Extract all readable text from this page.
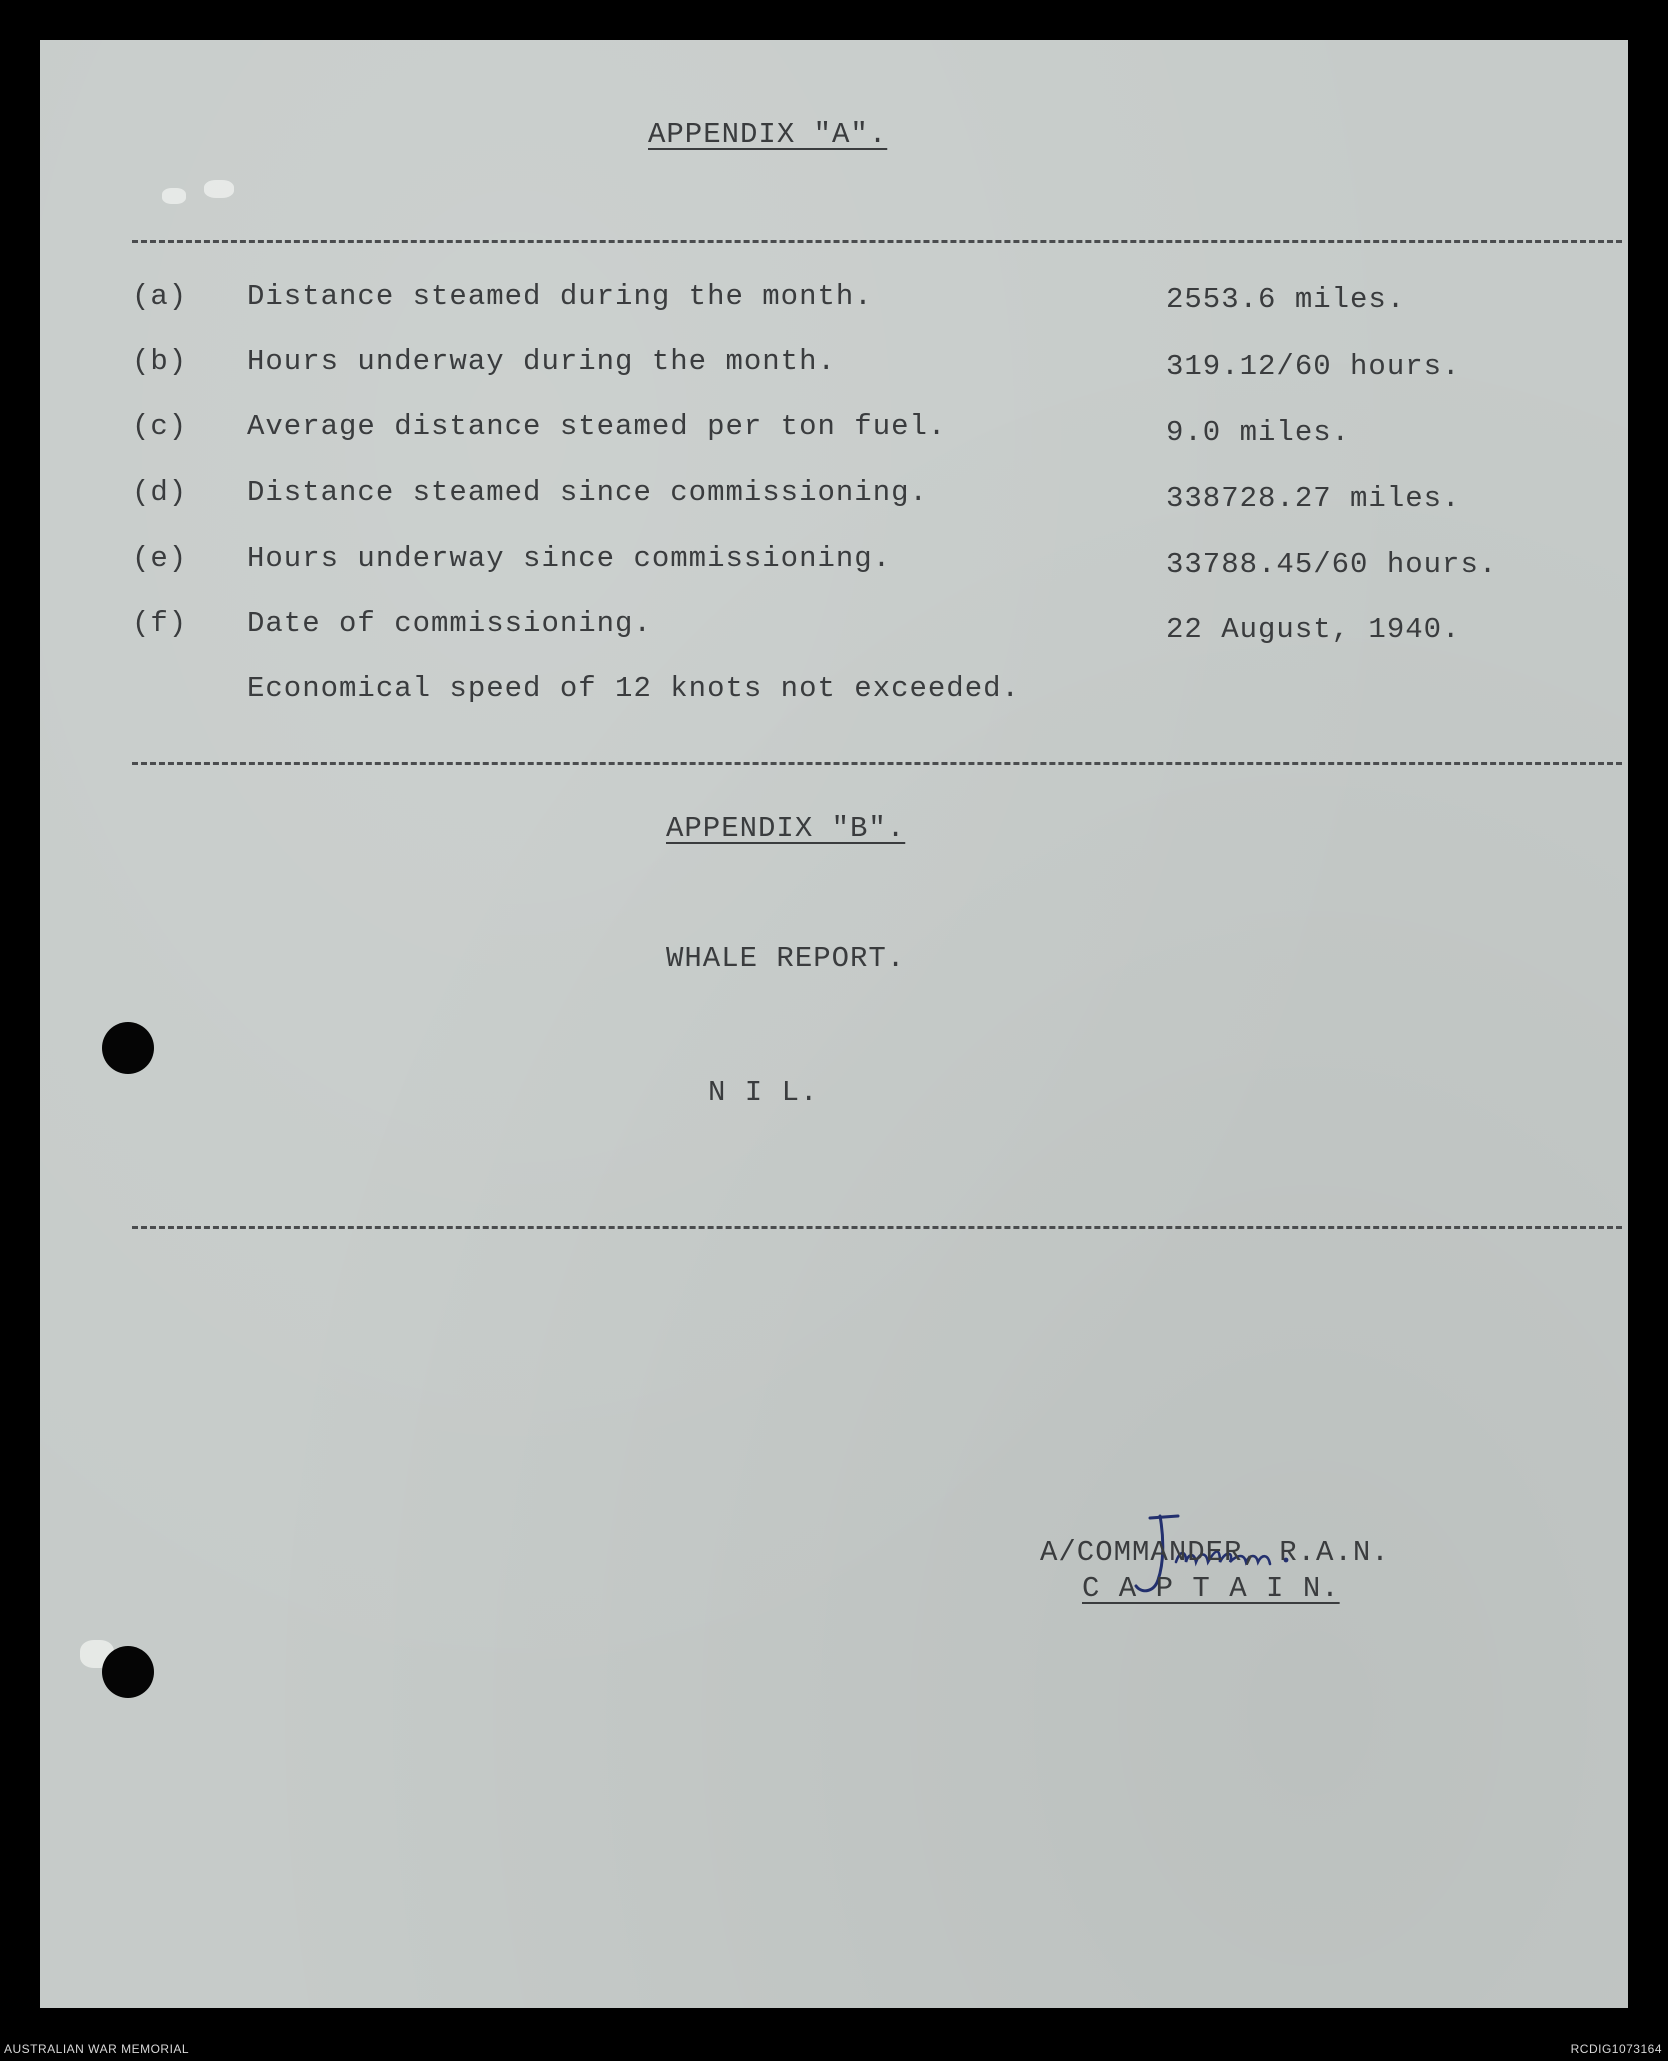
APPENDIX "A".
(a) Distance steamed during the month.	2553.6 miles.
(b) Hours underway during the month.	319.12/60 hours.
(c) Average distance steamed per ton fuel.	9.0 miles.
(d) Distance steamed since commissioning.	338728.27 miles.
(e) Hours underway since commissioning.	33788.45/60 hours.
(f) Date of commissioning.	22 August, 1940.
Economical speed of 12 knots not exceeded.
APPENDIX "B".
WHALE REPORT.
N I L.
A/COMMANDER, R.A.N.
C A P T A I N.
AUSTRALIAN WAR MEMORIAL	RCDIG1073164
